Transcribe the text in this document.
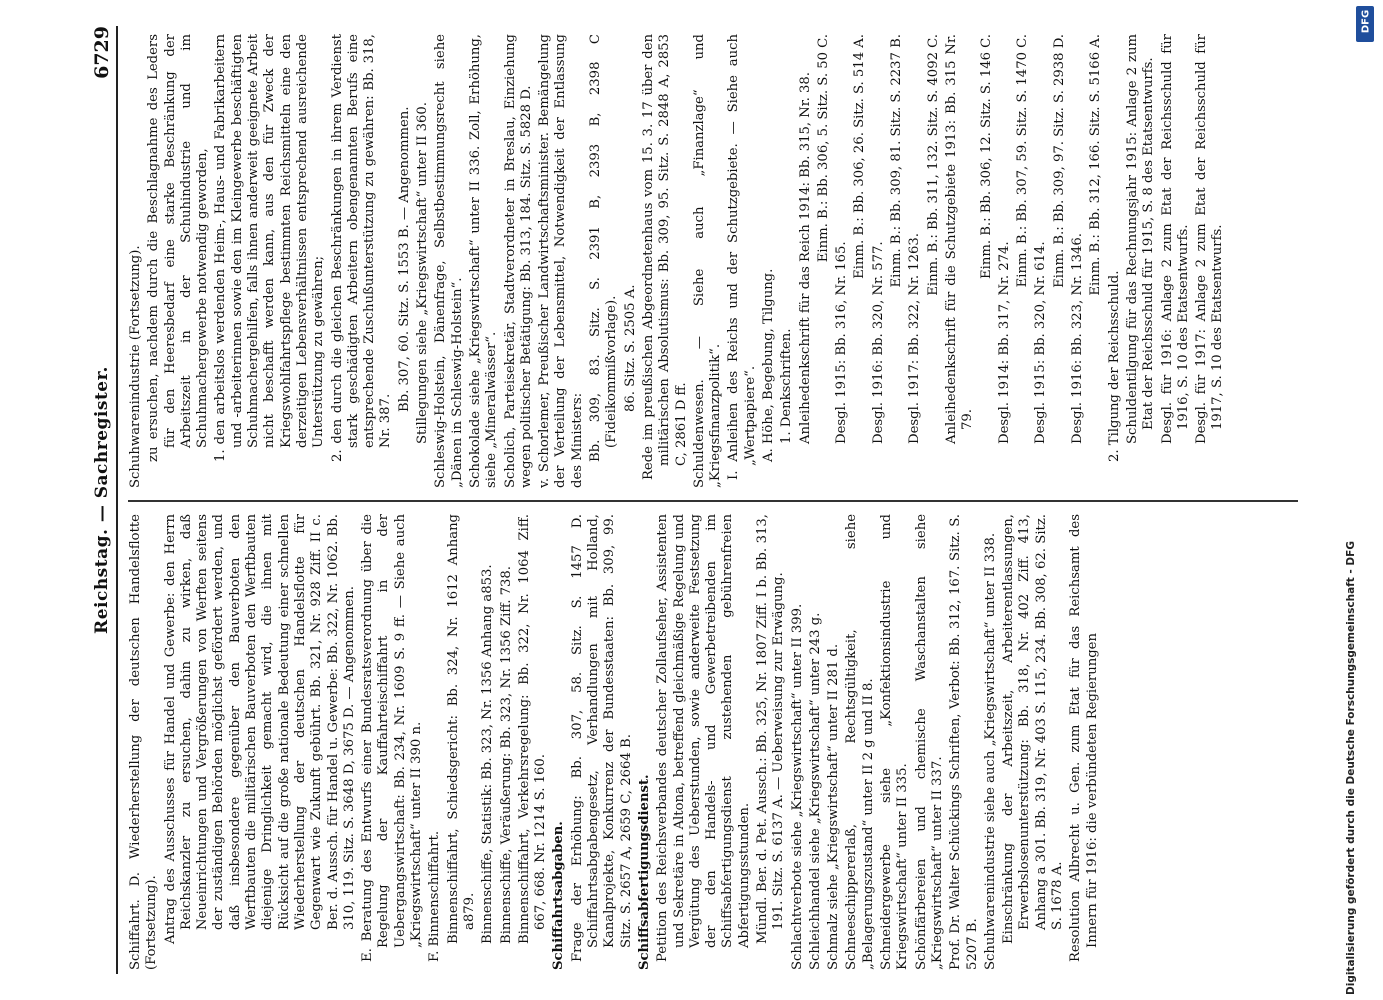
Reichstag. — Sachregister.
6729

Schiffahrt. D. Wiederherstellung der deutschen Handelsflotte (Fortsetzung). Antrag des Ausschusses für Handel und Gewerbe: den Herrn Reichskanzler zu ersuchen, dahin zu wirken, daß Neueinrichtungen und Vergrößerungen von Werften seitens der zuständigen Behörden möglichst gefördert werden, und daß insbesondere gegenüber den Bauverboten den Werftbauten die militärischen Bauverboten den Werftbauten diejenige Dringlichkeit gemacht wird, die ihnen mit Rücksicht auf die große nationale Bedeutung einer schnellen Wiederherstellung der deutschen Handelsflotte für Gegenwart wie Zukunft gebührt. Bb. 321, Nr. 928 Ziff. II c. Ber. d. Aussch. für Handel u. Gewerbe: Bb. 322, Nr. 1062. Bb. 310, 119. Sitz. S. 3648 D, 3675 D. — Angenommen. E. Beratung des Entwurfs einer Bundesratsverordnung über die Regelung der Kauffahrteischiffahrt in der Uebergangswirtschaft: Bb. 234, Nr. 1609 S. 9 ff. — Siehe auch „Kriegswirtschaft“ unter II 390 n. F. Binnenschiffahrt. Binnenschiffahrt, Schiedsgericht: Bb. 324, Nr. 1612 Anhang a879. Binnenschiffe, Statistik: Bb. 323, Nr. 1356 Anhang a853. Binnenschiffe, Veräußerung: Bb. 323, Nr. 1356 Ziff. 738. Binnenschiffahrt, Verkehrsregelung: Bb. 322, Nr. 1064 Ziff. 667, 668. Nr. 1214 S. 160. Schiffahrtsabgaben. Frage der Erhöhung: Bb. 307, 58. Sitz. S. 1457 D. Schiffahrtsabgabengesetz, Verhandlungen mit Holland, Kanalprojekte, Konkurrenz der Bundesstaaten: Bb. 309, 99. Sitz. S. 2657 A, 2659 C, 2664 B. Schiffsabfertigungsdienst. Petition des Reichsverbandes deutscher Zollaufseher, Assistenten und Sekretäre in Altona, betreffend gleichmäßige Regelung und Vergütung des Ueberstunden, sowie anderweite Festsetzung der den Handels- und Gewerbetreibenden im Schiffsabfertigungsdienst zustehenden gebührenfreien Abfertigungsstunden. Mündl. Ber. d. Pet. Aussch.: Bb. 325, Nr. 1807 Ziff. I b. Bb. 313, 191. Sitz. S. 6137 A. — Ueberweisung zur Erwägung. Schlachtverbote siehe „Kriegswirtschaft“ unter II 399. Schleichhandel siehe „Kriegswirtschaft“ unter 243 g. Schmalz siehe „Kriegswirtschaft“ unter II 281 d. Schneeschippererlaß, Rechtsgültigkeit, siehe „Belagerungszustand“ unter II 2 g und II 8. Schneidergewerbe siehe „Konfektionsindustrie und Kriegswirtschaft“ unter II 335. Schönfärbereien und chemische Waschanstalten siehe „Kriegswirtschaft“ unter II 337. Prof. Dr. Walter Schückings Schriften, Verbot: Bb. 312, 167. Sitz. S. 5207 B. Schuhwarenindustrie siehe auch „Kriegswirtschaft“ unter II 338. Einschränkung der Arbeitszeit, Arbeiterentlassungen, Erwerbslosenunterstützung: Bb. 318, Nr. 402 Ziff. 413, Anhang a 301. Bb. 319, Nr. 403 S. 115, 234. Bb. 308, 62. Sitz. S. 1678 A. Resolution Albrecht u. Gen. zum Etat für das Reichsamt des Innern für 1916: die verbündeten Regierungen

Schuhwarenindustrie (Fortsetzung). zu ersuchen, nachdem durch die Beschlagnahme des Leders für den Heeresbedarf eine starke Beschränkung der Arbeitszeit in der Schuhindustrie und im Schuhmachergewerbe notwendig geworden, 1. den arbeitslos werdenden Heim-, Haus- und Fabrikarbeitern und -arbeiterinnen sowie den im Kleingewerbe beschäftigten Schuhmachergehilfen, falls ihnen anderweit geeignete Arbeit nicht beschafft werden kann, aus den für Zweck der Kriegswohlfahrtspflege bestimmten Reichsmitteln eine den derzeitigen Lebensverhältnissen entsprechend ausreichende Unterstützung zu gewähren; 2. den durch die gleichen Beschränkungen in ihrem Verdienst stark geschädigten Arbeitern obengenannten Berufs eine entsprechende Zuschußunterstützung zu gewähren: Bb. 318, Nr. 387.

Bb. 307, 60. Sitz. S. 1553 B. — Angenommen. Stillegungen siehe „Kriegswirtschaft“ unter II 360. Schleswig-Holstein, Dänenfrage, Selbstbestimmungsrecht siehe „Dänen in Schleswig-Holstein“. Schokolade siehe „Kriegswirtschaft“ unter II 336. Zoll, Erhöhung, siehe „Mineralwässer“. Scholich, Parteisekretär, Stadtverordneter in Breslau, Einziehung wegen politischer Betätigung: Bb. 313, 184. Sitz. S. 5828 D. v. Schorlemer, Preußischer Landwirtschaftsminister. Bemängelung der Verteilung der Lebensmittel, Notwendigkeit der Entlassung des Ministers: Bb. 309, 83. Sitz. S. 2391 B, 2393 B, 2398 C (Fideikommißvorlage). 86. Sitz. S. 2505 A. Rede im preußischen Abgeordnetenhaus vom 15. 3. 17 über den militärischen Absolutismus: Bb. 309, 95. Sitz. S. 2848 A, 2853 C, 2861 D ff. Schuldenwesen. — Siehe auch „Finanzlage“ und „Kriegsfinanzpolitik“. I. Anleihen des Reichs und der Schutzgebiete. — Siehe auch „Wertpapiere“. A. Höhe, Begebung, Tilgung. 1. Denkschriften. Anleihedenkschrift für das Reich 1914: Bb. 315, Nr. 38. Einm. B.: Bb. 306, 5. Sitz. S. 50 C.

Desgl. 1915: Bb. 316, Nr. 165.

Einm. B.: Bb. 306, 26. Sitz. S. 514 A.

Desgl. 1916: Bb. 320, Nr. 577.

Einm. B.: Bb. 309, 81. Sitz. S. 2237 B.

Desgl. 1917: Bb. 322, Nr. 1263.

Einm. B.: Bb. 311, 132. Sitz. S. 4092 C. Anleihedenkschrift für die Schutzgebiete 1913: Bb. 315 Nr. 79.

Einm. B.: Bb. 306, 12. Sitz. S. 146 C.

Desgl. 1914: Bb. 317, Nr. 274.

Einm. B.: Bb. 307, 59. Sitz. S. 1470 C.

Desgl. 1915: Bb. 320, Nr. 614.

Einm. B.: Bb. 309, 97. Sitz. S. 2938 D.

Desgl. 1916: Bb. 323, Nr. 1346.

Einm. B.: Bb. 312, 166. Sitz. S. 5166 A.

2. Tilgung der Reichsschuld. Schuldentilgung für das Rechnungsjahr 1915: Anlage 2 zum Etat der Reichsschuld für 1915, S. 8 des Etatsentwurfs. Desgl. für 1916: Anlage 2 zum Etat der Reichsschuld für 1916, S. 10 des Etatsentwurfs. Desgl. für 1917: Anlage 2 zum Etat der Reichsschuld für 1917, S. 10 des Etatsentwurfs.

Digitalisierung gefördert durch die Deutsche Forschungsgemeinschaft - DFG
DFG
